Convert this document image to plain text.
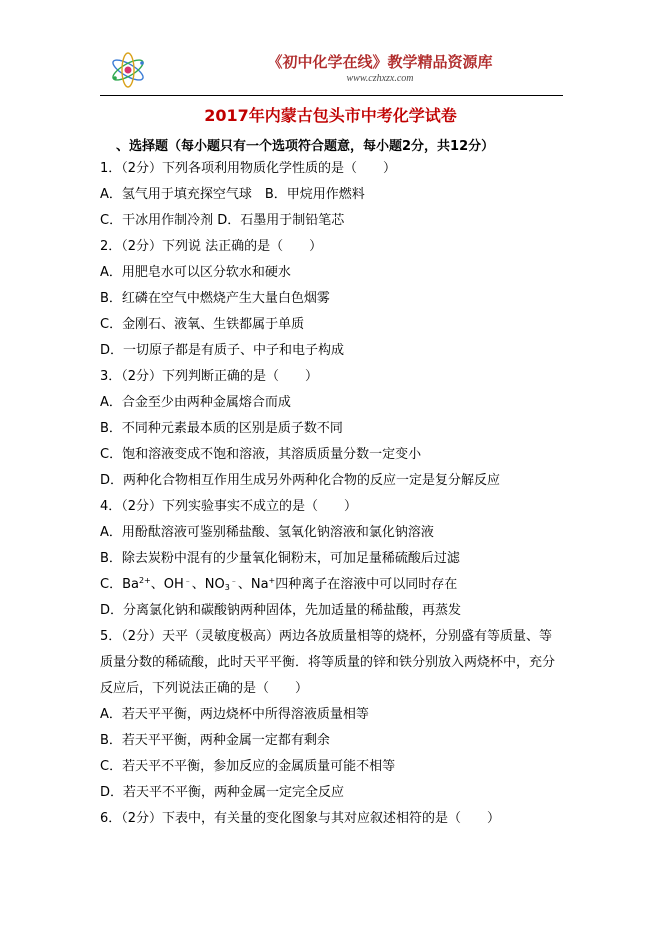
《初中化学在线》教学精品资源库
www.czhxzx.com
2017年内蒙古包头市中考化学试卷
、选择题（每小题只有一个选项符合题意，每小题2分，共12分）
1．（2分）下列各项利用物质化学性质的是（　　）
A．氢气用于填充探空气球　B．甲烷用作燃料
C．干冰用作制冷剂 D．石墨用于制铅笔芯
2．（2分）下列说 法正确的是（　　）
A．用肥皂水可以区分软水和硬水
B．红磷在空气中燃烧产生大量白色烟雾
C．金刚石、液氧、生铁都属于单质
D．一切原子都是有质子、中子和电子构成
3．（2分）下列判断正确的是（　　）
A．合金至少由两种金属熔合而成
B．不同种元素最本质的区别是质子数不同
C．饱和溶液变成不饱和溶液，其溶质质量分数一定变小
D．两种化合物相互作用生成另外两种化合物的反应一定是复分解反应
4．（2分）下列实验事实不成立的是（　　）
A．用酚酞溶液可鉴别稀盐酸、氢氧化钠溶液和氯化钠溶液
B．除去炭粉中混有的少量氧化铜粉末，可加足量稀硫酸后过滤
C．$Ba^{2+}$、OH﹣、$NO_3^﹣$、Na+四种离子在溶液中可以同时存在
D．分离氯化钠和碳酸钠两种固体，先加适量的稀盐酸，再蒸发
5．（2分）天平（灵敏度极高）两边各放质量相等的烧杯，分别盛有等质量、等
质量分数的稀硫酸，此时天平平衡．将等质量的锌和铁分别放入两烧杯中，充分
反应后，下列说法正确的是（　　）
A．若天平平衡，两边烧杯中所得溶液质量相等
B．若天平平衡，两种金属一定都有剩余
C．若天平不平衡，参加反应的金属质量可能不相等
D．若天平不平衡，两种金属一定完全反应
6．（2分）下表中，有关量的变化图象与其对应叙述相符的是（　　）
